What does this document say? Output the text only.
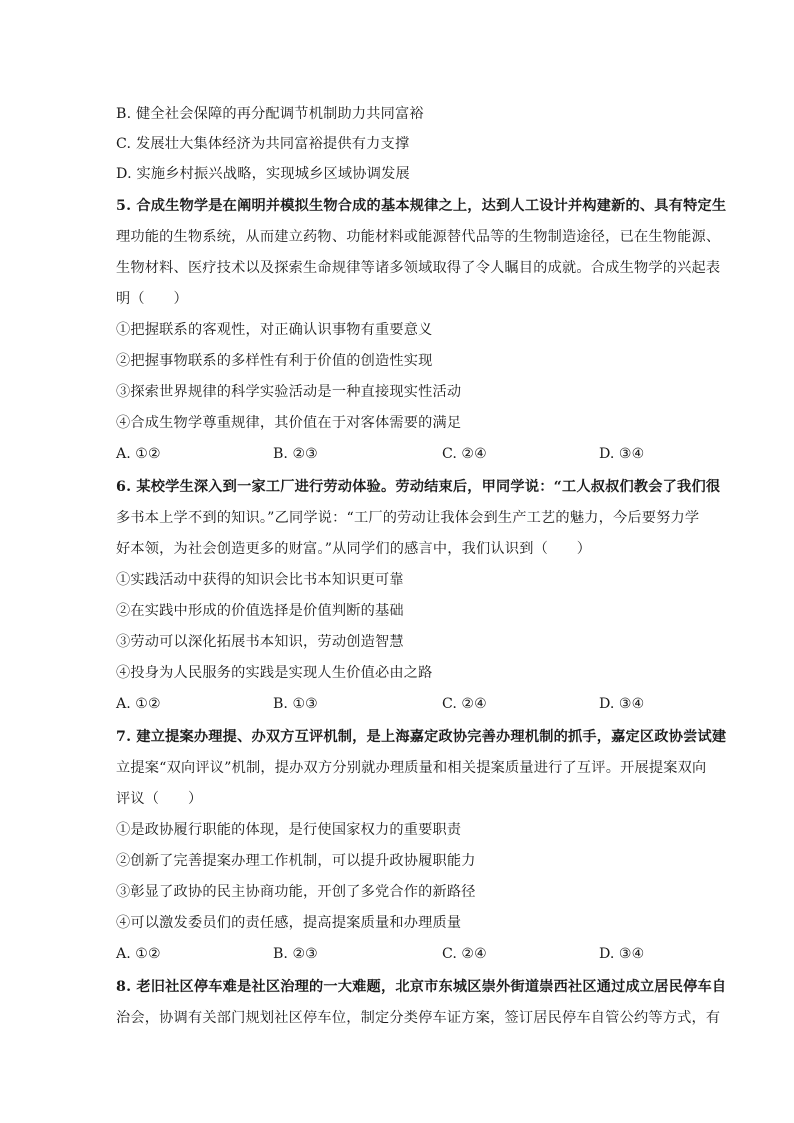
B. 健全社会保障的再分配调节机制助力共同富裕
C. 发展壮大集体经济为共同富裕提供有力支撑
D. 实施乡村振兴战略，实现城乡区域协调发展
5. 合成生物学是在阐明并模拟生物合成的基本规律之上，达到人工设计并构建新的、具有特定生
理功能的生物系统，从而建立药物、功能材料或能源替代品等的生物制造途径，已在生物能源、
生物材料、医疗技术以及探索生命规律等诸多领域取得了令人瞩目的成就。合成生物学的兴起表
明（　　）
①把握联系的客观性，对正确认识事物有重要意义
②把握事物联系的多样性有利于价值的创造性实现
③探索世界规律的科学实验活动是一种直接现实性活动
④合成生物学尊重规律，其价值在于对客体需要的满足
A. ①②	B. ②③	C. ②④	D. ③④
6. 某校学生深入到一家工厂进行劳动体验。劳动结束后，甲同学说：“工人叔叔们教会了我们很
多书本上学不到的知识。”乙同学说：“工厂的劳动让我体会到生产工艺的魅力，今后要努力学
好本领，为社会创造更多的财富。”从同学们的感言中，我们认识到（　　）
①实践活动中获得的知识会比书本知识更可靠
②在实践中形成的价值选择是价值判断的基础
③劳动可以深化拓展书本知识，劳动创造智慧
④投身为人民服务的实践是实现人生价值必由之路
A. ①②	B. ①③	C. ②④	D. ③④
7. 建立提案办理提、办双方互评机制，是上海嘉定政协完善办理机制的抓手，嘉定区政协尝试建
立提案“双向评议”机制，提办双方分别就办理质量和相关提案质量进行了互评。开展提案双向
评议（　　）
①是政协履行职能的体现，是行使国家权力的重要职责
②创新了完善提案办理工作机制，可以提升政协履职能力
③彰显了政协的民主协商功能，开创了多党合作的新路径
④可以激发委员们的责任感，提高提案质量和办理质量
A. ①②	B. ②③	C. ②④	D. ③④
8. 老旧社区停车难是社区治理的一大难题，北京市东城区崇外街道崇西社区通过成立居民停车自
治会，协调有关部门规划社区停车位，制定分类停车证方案，签订居民停车自管公约等方式，有
